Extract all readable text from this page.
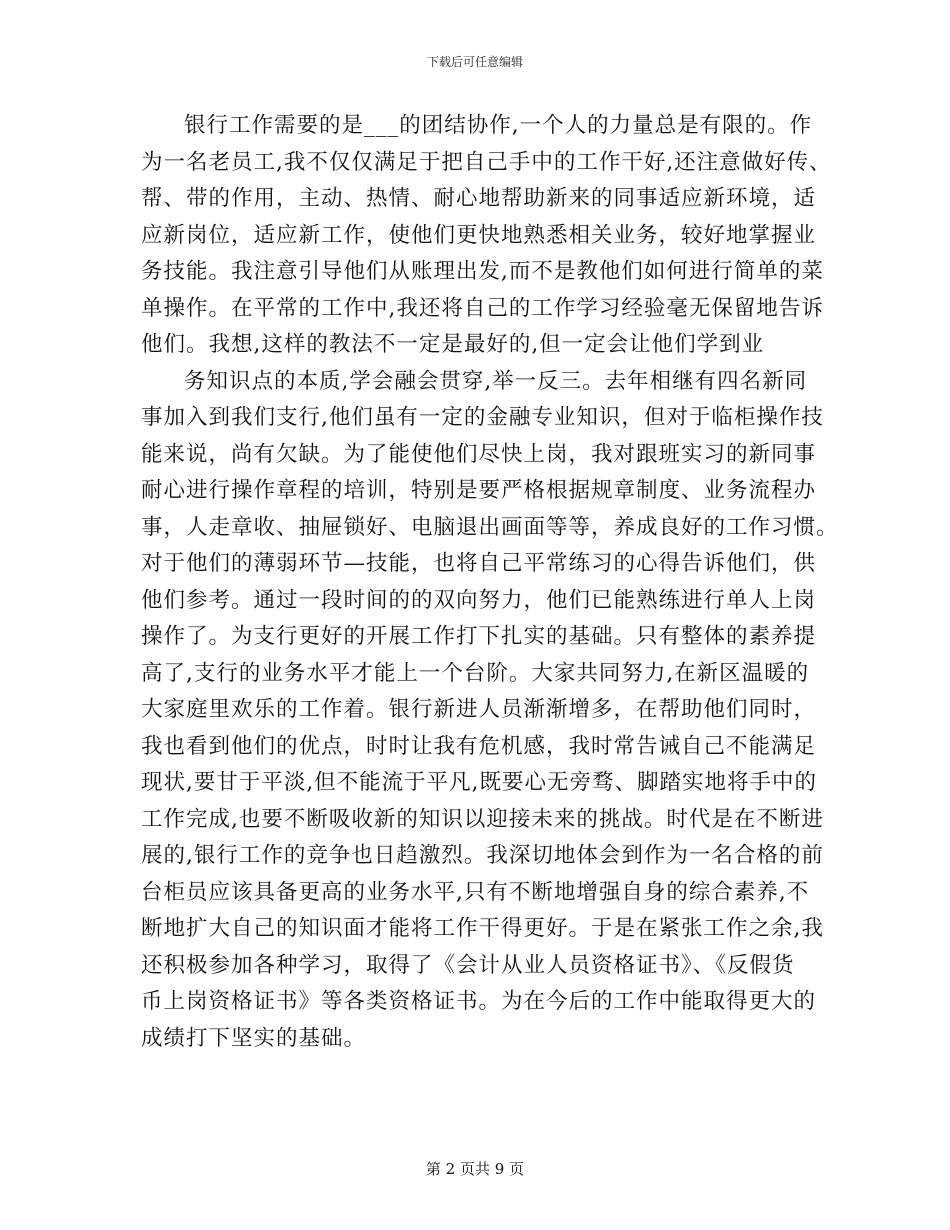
下载后可任意编辑
银行工作需要的是___的团结协作,一个人的力量总是有限的。作
为一名老员工,我不仅仅满足于把自己手中的工作干好,还注意做好传、
帮、带的作用，主动、热情、耐心地帮助新来的同事适应新环境，适
应新岗位，适应新工作，使他们更快地熟悉相关业务，较好地掌握业
务技能。我注意引导他们从账理出发,而不是教他们如何进行简单的菜
单操作。在平常的工作中,我还将自己的工作学习经验毫无保留地告诉
他们。我想,这样的教法不一定是最好的,但一定会让他们学到业
务知识点的本质,学会融会贯穿,举一反三。去年相继有四名新同
事加入到我们支行,他们虽有一定的金融专业知识，但对于临柜操作技
能来说，尚有欠缺。为了能使他们尽快上岗，我对跟班实习的新同事
耐心进行操作章程的培训，特别是要严格根据规章制度、业务流程办
事，人走章收、抽屉锁好、电脑退出画面等等，养成良好的工作习惯。
对于他们的薄弱环节—技能，也将自己平常练习的心得告诉他们，供
他们参考。通过一段时间的的双向努力，他们已能熟练进行单人上岗
操作了。为支行更好的开展工作打下扎实的基础。只有整体的素养提
高了,支行的业务水平才能上一个台阶。大家共同努力,在新区温暖的
大家庭里欢乐的工作着。银行新进人员渐渐增多，在帮助他们同时，
我也看到他们的优点，时时让我有危机感，我时常告诫自己不能满足
现状,要甘于平淡,但不能流于平凡,既要心无旁骛、脚踏实地将手中的
工作完成,也要不断吸收新的知识以迎接未来的挑战。时代是在不断进
展的,银行工作的竞争也日趋激烈。我深切地体会到作为一名合格的前
台柜员应该具备更高的业务水平,只有不断地增强自身的综合素养,不
断地扩大自己的知识面才能将工作干得更好。于是在紧张工作之余,我
还积极参加各种学习，取得了《会计从业人员资格证书》、《反假货
币上岗资格证书》等各类资格证书。为在今后的工作中能取得更大的
成绩打下坚实的基础。
第 2 页共 9 页
